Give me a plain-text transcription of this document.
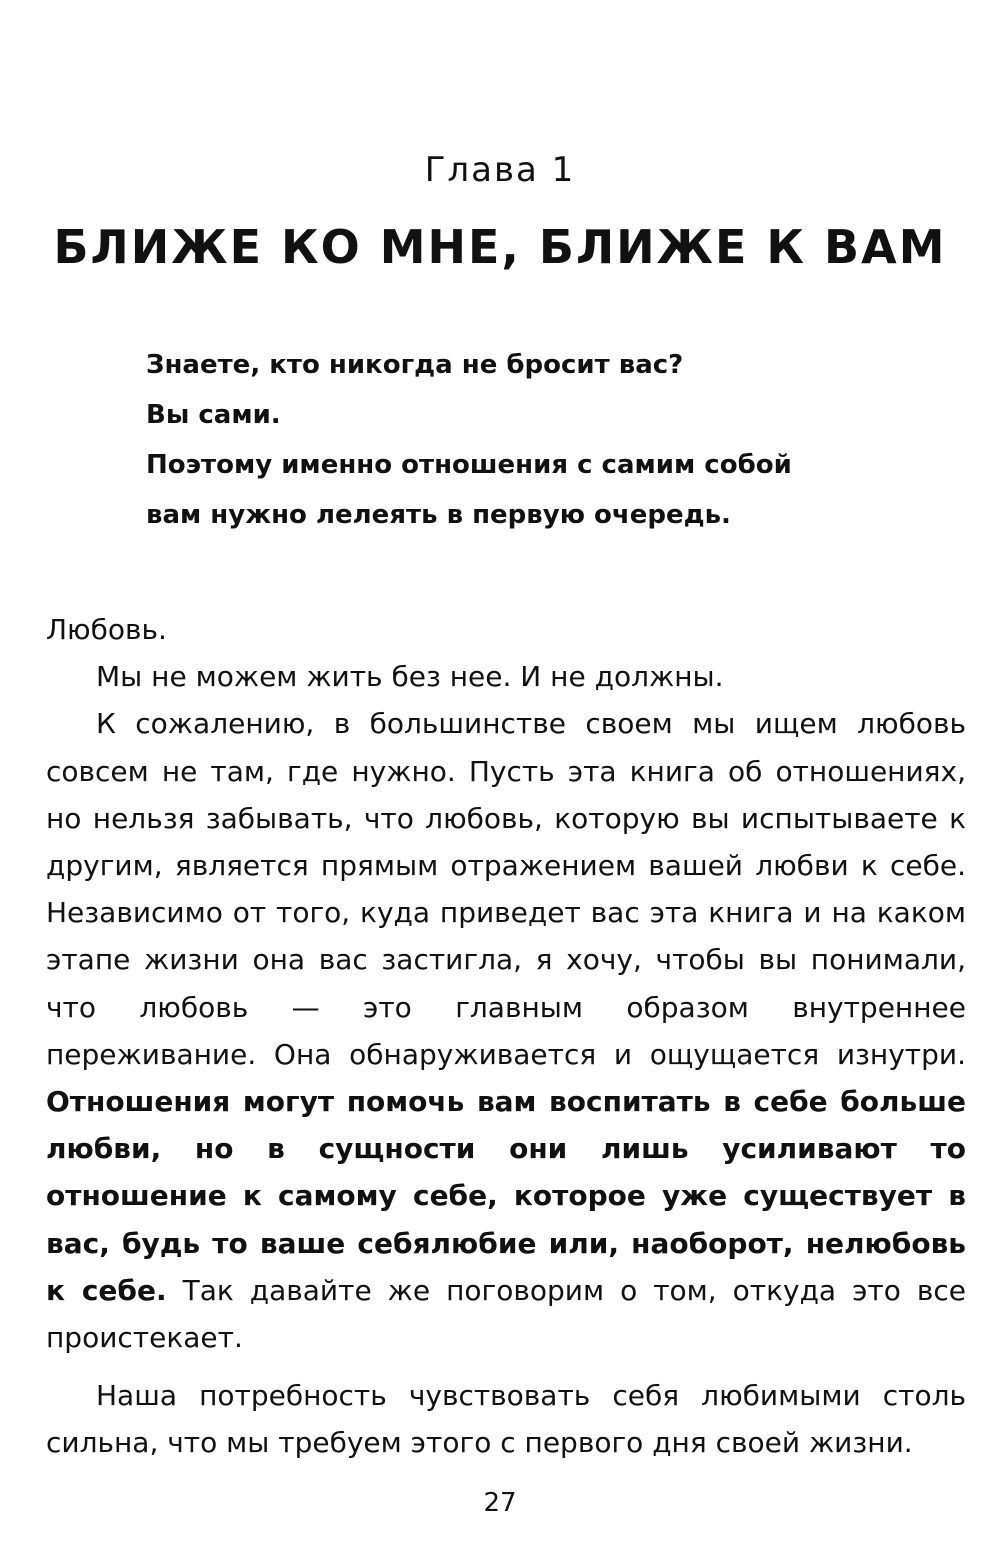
Глава 1
БЛИЖЕ КО МНЕ, БЛИЖЕ К ВАМ
Знаете, кто никогда не бросит вас?
Вы сами.
Поэтому именно отношения с самим собой
вам нужно лелеять в первую очередь.

Любовь.

Мы не можем жить без нее. И не должны.

К сожалению, в большинстве своем мы ищем любовь совсем не там, где нужно. Пусть эта книга об отношениях, но нельзя забывать, что любовь, которую вы испытываете к другим, является прямым отражением вашей любви к себе. Независимо от того, куда приведет вас эта книга и на каком этапе жизни она вас застигла, я хочу, чтобы вы понимали, что любовь — это главным образом внутреннее переживание. Она обнаруживается и ощущается изнутри. Отношения могут помочь вам воспитать в себе больше любви, но в сущности они лишь усиливают то отношение к самому себе, которое уже существует в вас, будь то ваше себялюбие или, наоборот, нелюбовь к себе. Так давайте же поговорим о том, откуда это все проистекает.

Наша потребность чувствовать себя любимыми столь сильна, что мы требуем этого с первого дня своей жизни.

27
